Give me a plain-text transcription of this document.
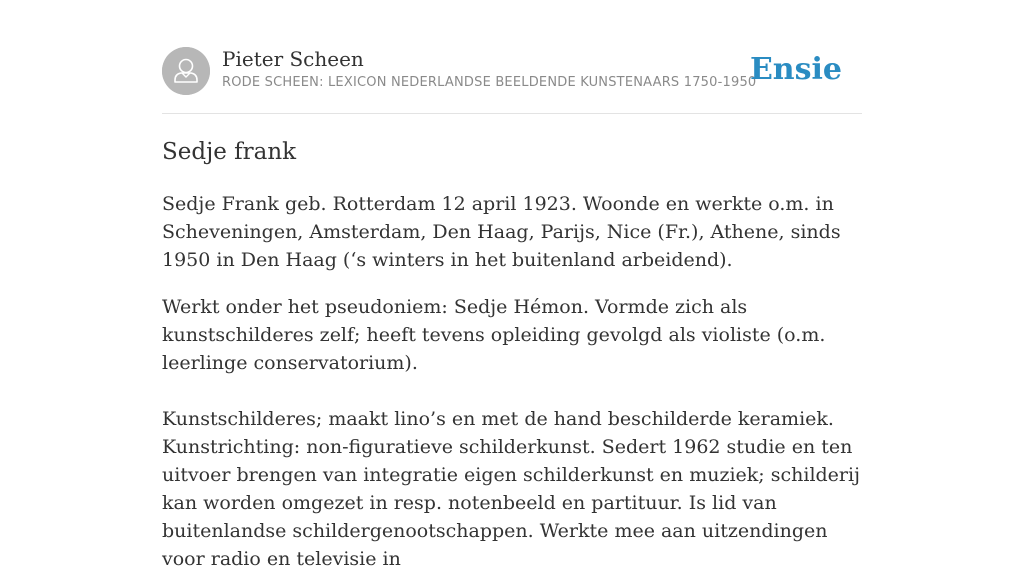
Pieter Scheen
RODE SCHEEN: LEXICON NEDERLANDSE BEELDENDE KUNSTENAARS 1750-1950
Ensie
Sedje frank

Sedje Frank geb. Rotterdam 12 april 1923. Woonde en werkte o.m. in Scheveningen, Amsterdam, Den Haag, Parijs, Nice (Fr.), Athene, sinds 1950 in Den Haag (‘s winters in het buitenland arbeidend).

Werkt onder het pseudoniem: Sedje Hémon. Vormde zich als kunstschilderes zelf; heeft tevens opleiding gevolgd als violiste (o.m. leerlinge conservatorium).

Kunstschilderes; maakt lino’s en met de hand beschilderde keramiek. Kunstrichting: non-figuratieve schilderkunst. Sedert 1962 studie en ten uitvoer brengen van integratie eigen schilderkunst en muziek; schilderij kan worden omgezet in resp. notenbeeld en partituur. Is lid van buitenlandse schildergenootschappen. Werkte mee aan uitzendingen voor radio en televisie in
